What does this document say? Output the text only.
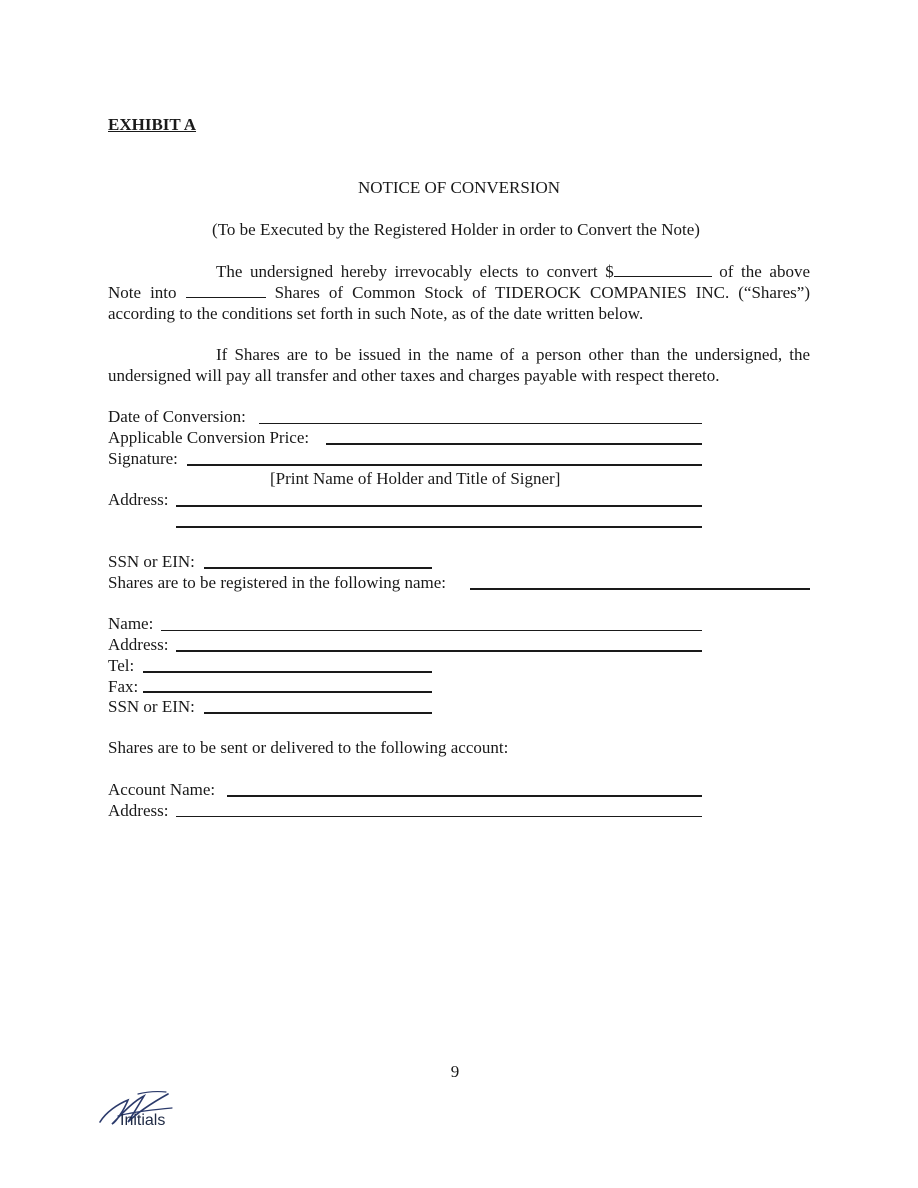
EXHIBIT A
NOTICE OF CONVERSION
(To be Executed by the Registered Holder in order to Convert the Note)
The undersigned hereby irrevocably elects to convert $	of the above Note into	Shares of Common Stock of TIDEROCK COMPANIES INC. (“Shares”) according to the conditions set forth in such Note, as of the date written below.
If Shares are to be issued in the name of a person other than the undersigned, the undersigned will pay all transfer and other taxes and charges payable with respect thereto.
Date of Conversion:
Applicable Conversion Price:
Signature:
[Print Name of Holder and Title of Signer]
Address:
SSN or EIN:
Shares are to be registered in the following name:
Name:
Address:
Tel:
Fax:
SSN or EIN:
Shares are to be sent or delivered to the following account:
Account Name:
Address:
9
Initials
